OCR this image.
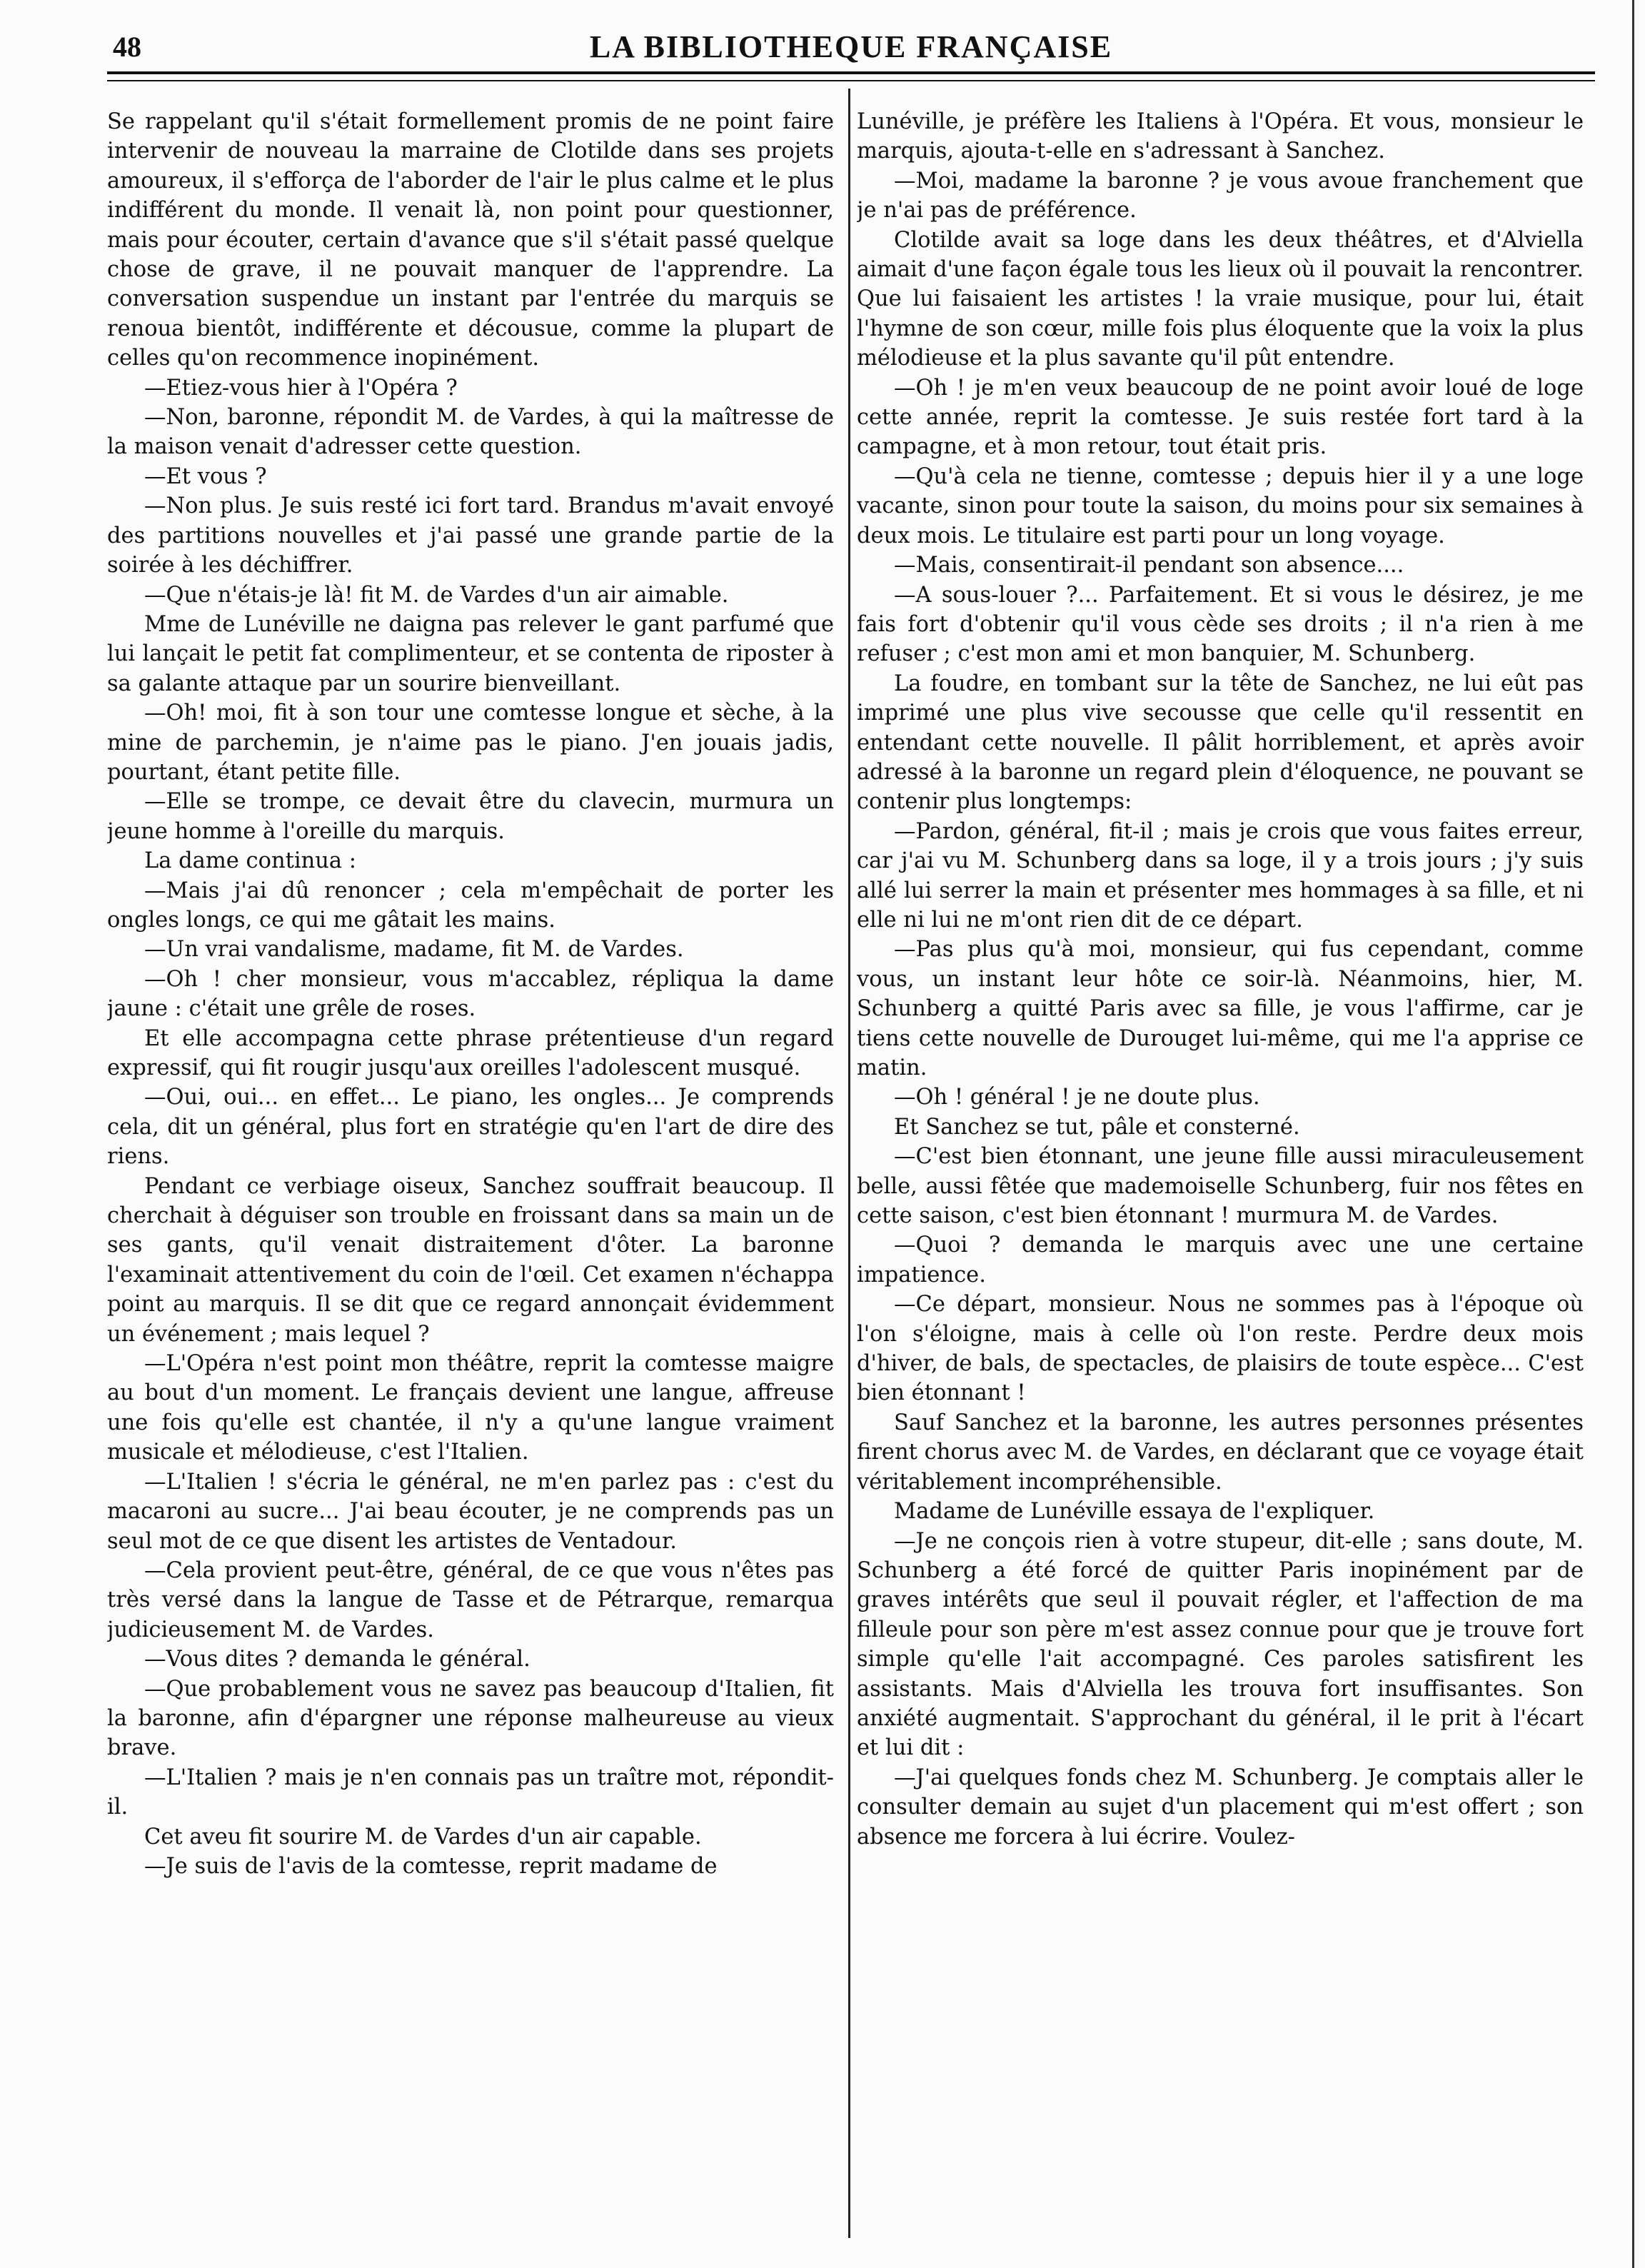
48	LA BIBLIOTHEQUE FRANÇAISE

Se rappelant qu'il s'était formellement promis de ne point faire intervenir de nouveau la marraine de Clotilde dans ses projets amoureux, il s'efforça de l'aborder de l'air le plus calme et le plus indifférent du monde. Il venait là, non point pour questionner, mais pour écouter, certain d'avance que s'il s'était passé quelque chose de grave, il ne pouvait manquer de l'apprendre. La conversation suspendue un instant par l'entrée du marquis se renoua bientôt, indifférente et décousue, comme la plupart de celles qu'on recommence inopinément.

—Etiez-vous hier à l'Opéra ?

—Non, baronne, répondit M. de Vardes, à qui la maîtresse de la maison venait d'adresser cette question.

—Et vous ?

—Non plus. Je suis resté ici fort tard. Brandus m'avait envoyé des partitions nouvelles et j'ai passé une grande partie de la soirée à les déchiffrer.

—Que n'étais-je là! fit M. de Vardes d'un air aimable.

Mme de Lunéville ne daigna pas relever le gant parfumé que lui lançait le petit fat complimenteur, et se contenta de riposter à sa galante attaque par un sourire bienveillant.

—Oh! moi, fit à son tour une comtesse longue et sèche, à la mine de parchemin, je n'aime pas le piano. J'en jouais jadis, pourtant, étant petite fille.

—Elle se trompe, ce devait être du clavecin, murmura un jeune homme à l'oreille du marquis.

La dame continua :

—Mais j'ai dû renoncer ; cela m'empêchait de porter les ongles longs, ce qui me gâtait les mains.

—Un vrai vandalisme, madame, fit M. de Vardes.

—Oh ! cher monsieur, vous m'accablez, répliqua la dame jaune : c'était une grêle de roses.

Et elle accompagna cette phrase prétentieuse d'un regard expressif, qui fit rougir jusqu'aux oreilles l'adolescent musqué.

—Oui, oui... en effet... Le piano, les ongles... Je comprends cela, dit un général, plus fort en stratégie qu'en l'art de dire des riens.

Pendant ce verbiage oiseux, Sanchez souffrait beaucoup. Il cherchait à déguiser son trouble en froissant dans sa main un de ses gants, qu'il venait distraitement d'ôter. La baronne l'examinait attentivement du coin de l'œil. Cet examen n'échappa point au marquis. Il se dit que ce regard annonçait évidemment un événement ; mais lequel ?

—L'Opéra n'est point mon théâtre, reprit la comtesse maigre au bout d'un moment. Le français devient une langue, affreuse une fois qu'elle est chantée, il n'y a qu'une langue vraiment musicale et mélodieuse, c'est l'Italien.

—L'Italien ! s'écria le général, ne m'en parlez pas : c'est du macaroni au sucre... J'ai beau écouter, je ne comprends pas un seul mot de ce que disent les artistes de Ventadour.

—Cela provient peut-être, général, de ce que vous n'êtes pas très versé dans la langue de Tasse et de Pétrarque, remarqua judicieusement M. de Vardes.

—Vous dites ? demanda le général.

—Que probablement vous ne savez pas beaucoup d'Italien, fit la baronne, afin d'épargner une réponse malheureuse au vieux brave.

—L'Italien ? mais je n'en connais pas un traître mot, répondit-il.

Cet aveu fit sourire M. de Vardes d'un air capable.

—Je suis de l'avis de la comtesse, reprit madame de

Lunéville, je préfère les Italiens à l'Opéra. Et vous, monsieur le marquis, ajouta-t-elle en s'adressant à Sanchez.

—Moi, madame la baronne ? je vous avoue franchement que je n'ai pas de préférence.

Clotilde avait sa loge dans les deux théâtres, et d'Alviella aimait d'une façon égale tous les lieux où il pouvait la rencontrer. Que lui faisaient les artistes ! la vraie musique, pour lui, était l'hymne de son cœur, mille fois plus éloquente que la voix la plus mélodieuse et la plus savante qu'il pût entendre.

—Oh ! je m'en veux beaucoup de ne point avoir loué de loge cette année, reprit la comtesse. Je suis restée fort tard à la campagne, et à mon retour, tout était pris.

—Qu'à cela ne tienne, comtesse ; depuis hier il y a une loge vacante, sinon pour toute la saison, du moins pour six semaines à deux mois. Le titulaire est parti pour un long voyage.

—Mais, consentirait-il pendant son absence....

—A sous-louer ?... Parfaitement. Et si vous le désirez, je me fais fort d'obtenir qu'il vous cède ses droits ; il n'a rien à me refuser ; c'est mon ami et mon banquier, M. Schunberg.

La foudre, en tombant sur la tête de Sanchez, ne lui eût pas imprimé une plus vive secousse que celle qu'il ressentit en entendant cette nouvelle. Il pâlit horriblement, et après avoir adressé à la baronne un regard plein d'éloquence, ne pouvant se contenir plus longtemps:

—Pardon, général, fit-il ; mais je crois que vous faites erreur, car j'ai vu M. Schunberg dans sa loge, il y a trois jours ; j'y suis allé lui serrer la main et présenter mes hommages à sa fille, et ni elle ni lui ne m'ont rien dit de ce départ.

—Pas plus qu'à moi, monsieur, qui fus cependant, comme vous, un instant leur hôte ce soir-là. Néanmoins, hier, M. Schunberg a quitté Paris avec sa fille, je vous l'affirme, car je tiens cette nouvelle de Durouget lui-même, qui me l'a apprise ce matin.

—Oh ! général ! je ne doute plus.

Et Sanchez se tut, pâle et consterné.

—C'est bien étonnant, une jeune fille aussi miraculeusement belle, aussi fêtée que mademoiselle Schunberg, fuir nos fêtes en cette saison, c'est bien étonnant ! murmura M. de Vardes.

—Quoi ? demanda le marquis avec une une certaine impatience.

—Ce départ, monsieur. Nous ne sommes pas à l'époque où l'on s'éloigne, mais à celle où l'on reste. Perdre deux mois d'hiver, de bals, de spectacles, de plaisirs de toute espèce... C'est bien étonnant !

Sauf Sanchez et la baronne, les autres personnes présentes firent chorus avec M. de Vardes, en déclarant que ce voyage était véritablement incompréhensible.

Madame de Lunéville essaya de l'expliquer.

—Je ne conçois rien à votre stupeur, dit-elle ; sans doute, M. Schunberg a été forcé de quitter Paris inopinément par de graves intérêts que seul il pouvait régler, et l'affection de ma filleule pour son père m'est assez connue pour que je trouve fort simple qu'elle l'ait accompagné. Ces paroles satisfirent les assistants. Mais d'Alviella les trouva fort insuffisantes. Son anxiété augmentait. S'approchant du général, il le prit à l'écart et lui dit :

—J'ai quelques fonds chez M. Schunberg. Je comptais aller le consulter demain au sujet d'un placement qui m'est offert ; son absence me forcera à lui écrire. Voulez-
